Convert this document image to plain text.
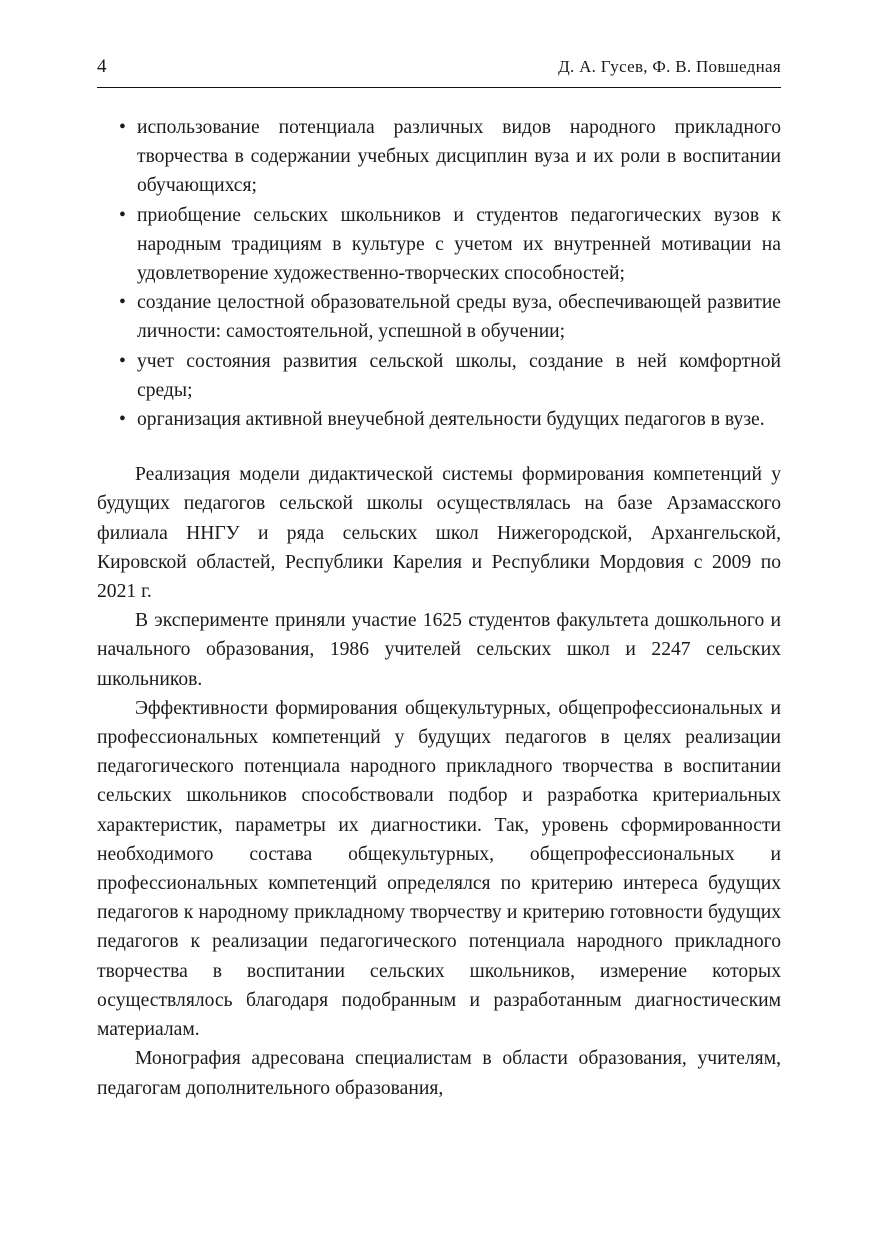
4	Д. А. Гусев, Ф. В. Повшедная
• использование потенциала различных видов народного прикладного творчества в содержании учебных дисциплин вуза и их роли в воспитании обучающихся;
• приобщение сельских школьников и студентов педагогических вузов к народным традициям в культуре с учетом их внутренней мотивации на удовлетворение художественно-творческих способностей;
• создание целостной образовательной среды вуза, обеспечивающей развитие личности: самостоятельной, успешной в обучении;
• учет состояния развития сельской школы, создание в ней комфортной среды;
• организация активной внеучебной деятельности будущих педагогов в вузе.

Реализация модели дидактической системы формирования компетенций у будущих педагогов сельской школы осуществлялась на базе Арзамасского филиала ННГУ и ряда сельских школ Нижегородской, Архангельской, Кировской областей, Республики Карелия и Республики Мордовия с 2009 по 2021 г.

В эксперименте приняли участие 1625 студентов факультета дошкольного и начального образования, 1986 учителей сельских школ и 2247 сельских школьников.

Эффективности формирования общекультурных, общепрофессиональных и профессиональных компетенций у будущих педагогов в целях реализации педагогического потенциала народного прикладного творчества в воспитании сельских школьников способствовали подбор и разработка критериальных характеристик, параметры их диагностики. Так, уровень сформированности необходимого состава общекультурных, общепрофессиональных и профессиональных компетенций определялся по критерию интереса будущих педагогов к народному прикладному творчеству и критерию готовности будущих педагогов к реализации педагогического потенциала народного прикладного творчества в воспитании сельских школьников, измерение которых осуществлялось благодаря подобранным и разработанным диагностическим материалам.

Монография адресована специалистам в области образования, учителям, педагогам дополнительного образования,
